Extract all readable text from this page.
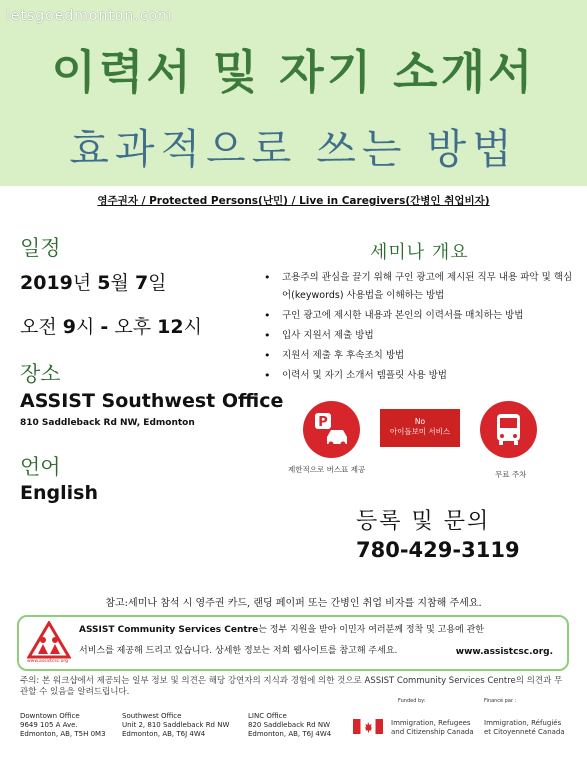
letsgoedmonton.com
이력서 및 자기 소개서
효과적으로 쓰는 방법
영주권자 / Protected Persons(난민) / Live in Caregivers(간병인 취업비자)
일정
2019년 5월 7일
오전 9시 - 오후 12시
장소
ASSIST Southwest Office
810 Saddleback Rd NW, Edmonton
언어
English
세미나 개요
• 고용주의 관심을 끌기 위해 구인 광고에 제시된 직무 내용 파악 및 핵심어(keywords) 사용법을 이해하는 방법
• 구인 광고에 제시한 내용과 본인의 이력서를 매치하는 방법
• 입사 지원서 제출 방법
• 지원서 제출 후 후속조치 방법
• 이력서 및 자기 소개서 템플릿 사용 방법
P
제한적으로 버스표 제공
No
아이돌보미 서비스
무료 주차
등록 및 문의
780-429-3119
참고:세미나 참석 시 영주권 카드, 랜딩 페이퍼 또는 간병인 취업 비자를 지참해 주세요.
www.assistcsc.org
ASSIST Community Services Centre는 정부 지원을 받아 이민자 여러분께 정착 및 고용에 관한
서비스를 제공해 드리고 있습니다. 상세한 정보는 저희 웹사이트를 참고해 주세요.	www.assistcsc.org.
주의: 본 워크샵에서 제공되는 일부 정보 및 의견은 해당 강연자의 지식과 경험에 의한 것으로 ASSIST Community Services Centre의 의견과 무관할 수 있음을 알려드립니다.
Downtown Office
9649 105 A Ave.
Edmonton, AB, T5H 0M3
Southwest Office
Unit 2, 810 Saddleback Rd NW
Edmonton, AB, T6J 4W4
LINC Office
820 Saddleback Rd NW
Edmonton, AB, T6J 4W4
Funded by:	Financé par :
Immigration, Refugees
and Citizenship Canada
Immigration, Réfugiés
et Citoyenneté Canada
